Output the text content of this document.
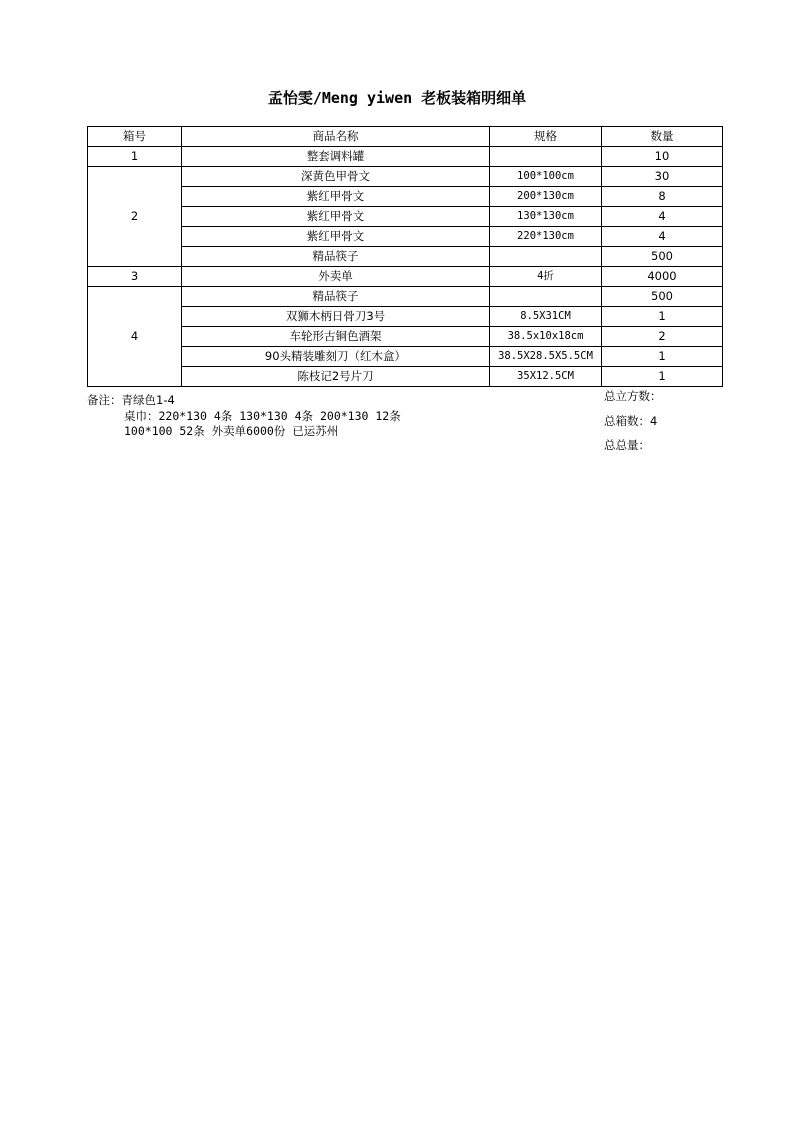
孟怡雯/Meng yiwen 老板装箱明细单
箱号	商品名称	规格	数量
1	整套调料罐		10
2	深黄色甲骨文	100*100cm	30
	紫红甲骨文	200*130cm	8
	紫红甲骨文	130*130cm	4
	紫红甲骨文	220*130cm	4
	精品筷子		500
3	外卖单	4折	4000
4	精品筷子		500
	双狮木柄日骨刀3号	8.5X31CM	1
	车轮形古铜色酒架	38.5x10x18cm	2
	90头精装雕刻刀（红木盒）	38.5X28.5X5.5CM	1
	陈枝记2号片刀	35X12.5CM	1
备注：青绿色1-4
桌巾：220*130 4条 130*130 4条 200*130 12条
100*100 52条 外卖单6000份 已运苏州
总立方数：
总箱数：4
总总量：
